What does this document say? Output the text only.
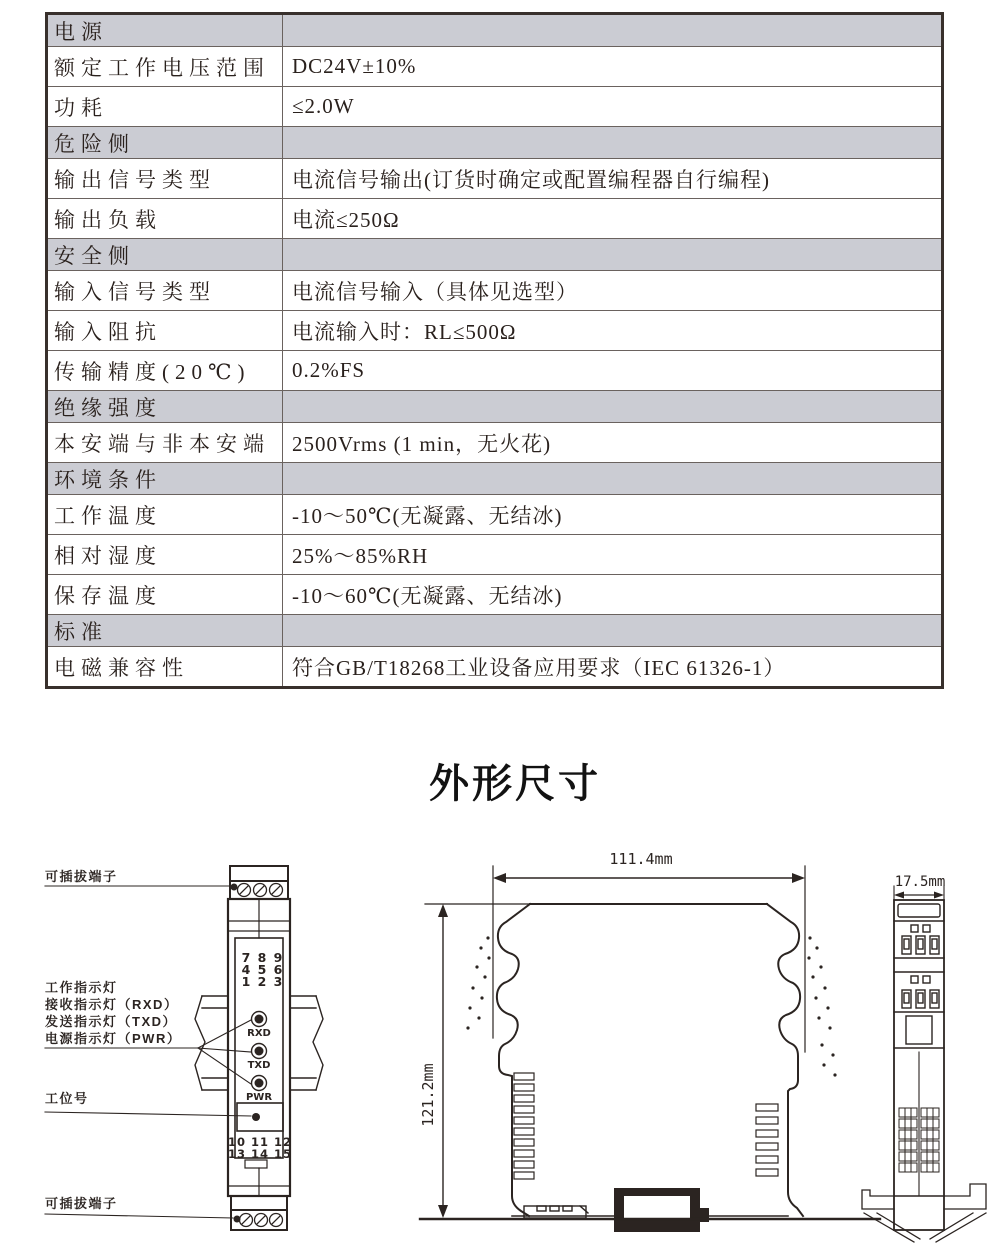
电源	
额定工作电压范围	DC24V±10%
功耗	≤2.0W
危险侧	
输出信号类型	电流信号输出(订货时确定或配置编程器自行编程)
输出负载	电流≤250Ω
安全侧	
输入信号类型	电流信号输入（具体见选型）
输入阻抗	电流输入时：RL≤500Ω
传输精度(20℃)	0.2%FS
绝缘强度	
本安端与非本安端	2500Vrms (1 min，无火花)
环境条件	
工作温度	-10～50℃(无凝露、无结冰)
相对湿度	25%～85%RH
保存温度	-10～60℃(无凝露、无结冰)
标准	
电磁兼容性	符合GB/T18268工业设备应用要求（IEC 61326-1）
外形尺寸
可插拔端子
工作指示灯
接收指示灯（RXD）
发送指示灯（TXD）
电源指示灯（PWR）
工位号
可插拔端子
7 8 9
4 5 6
1 2 3
RXD
TXD
PWR
10 11 12
13 14 15
111.4mm
121.2mm
17.5mm
